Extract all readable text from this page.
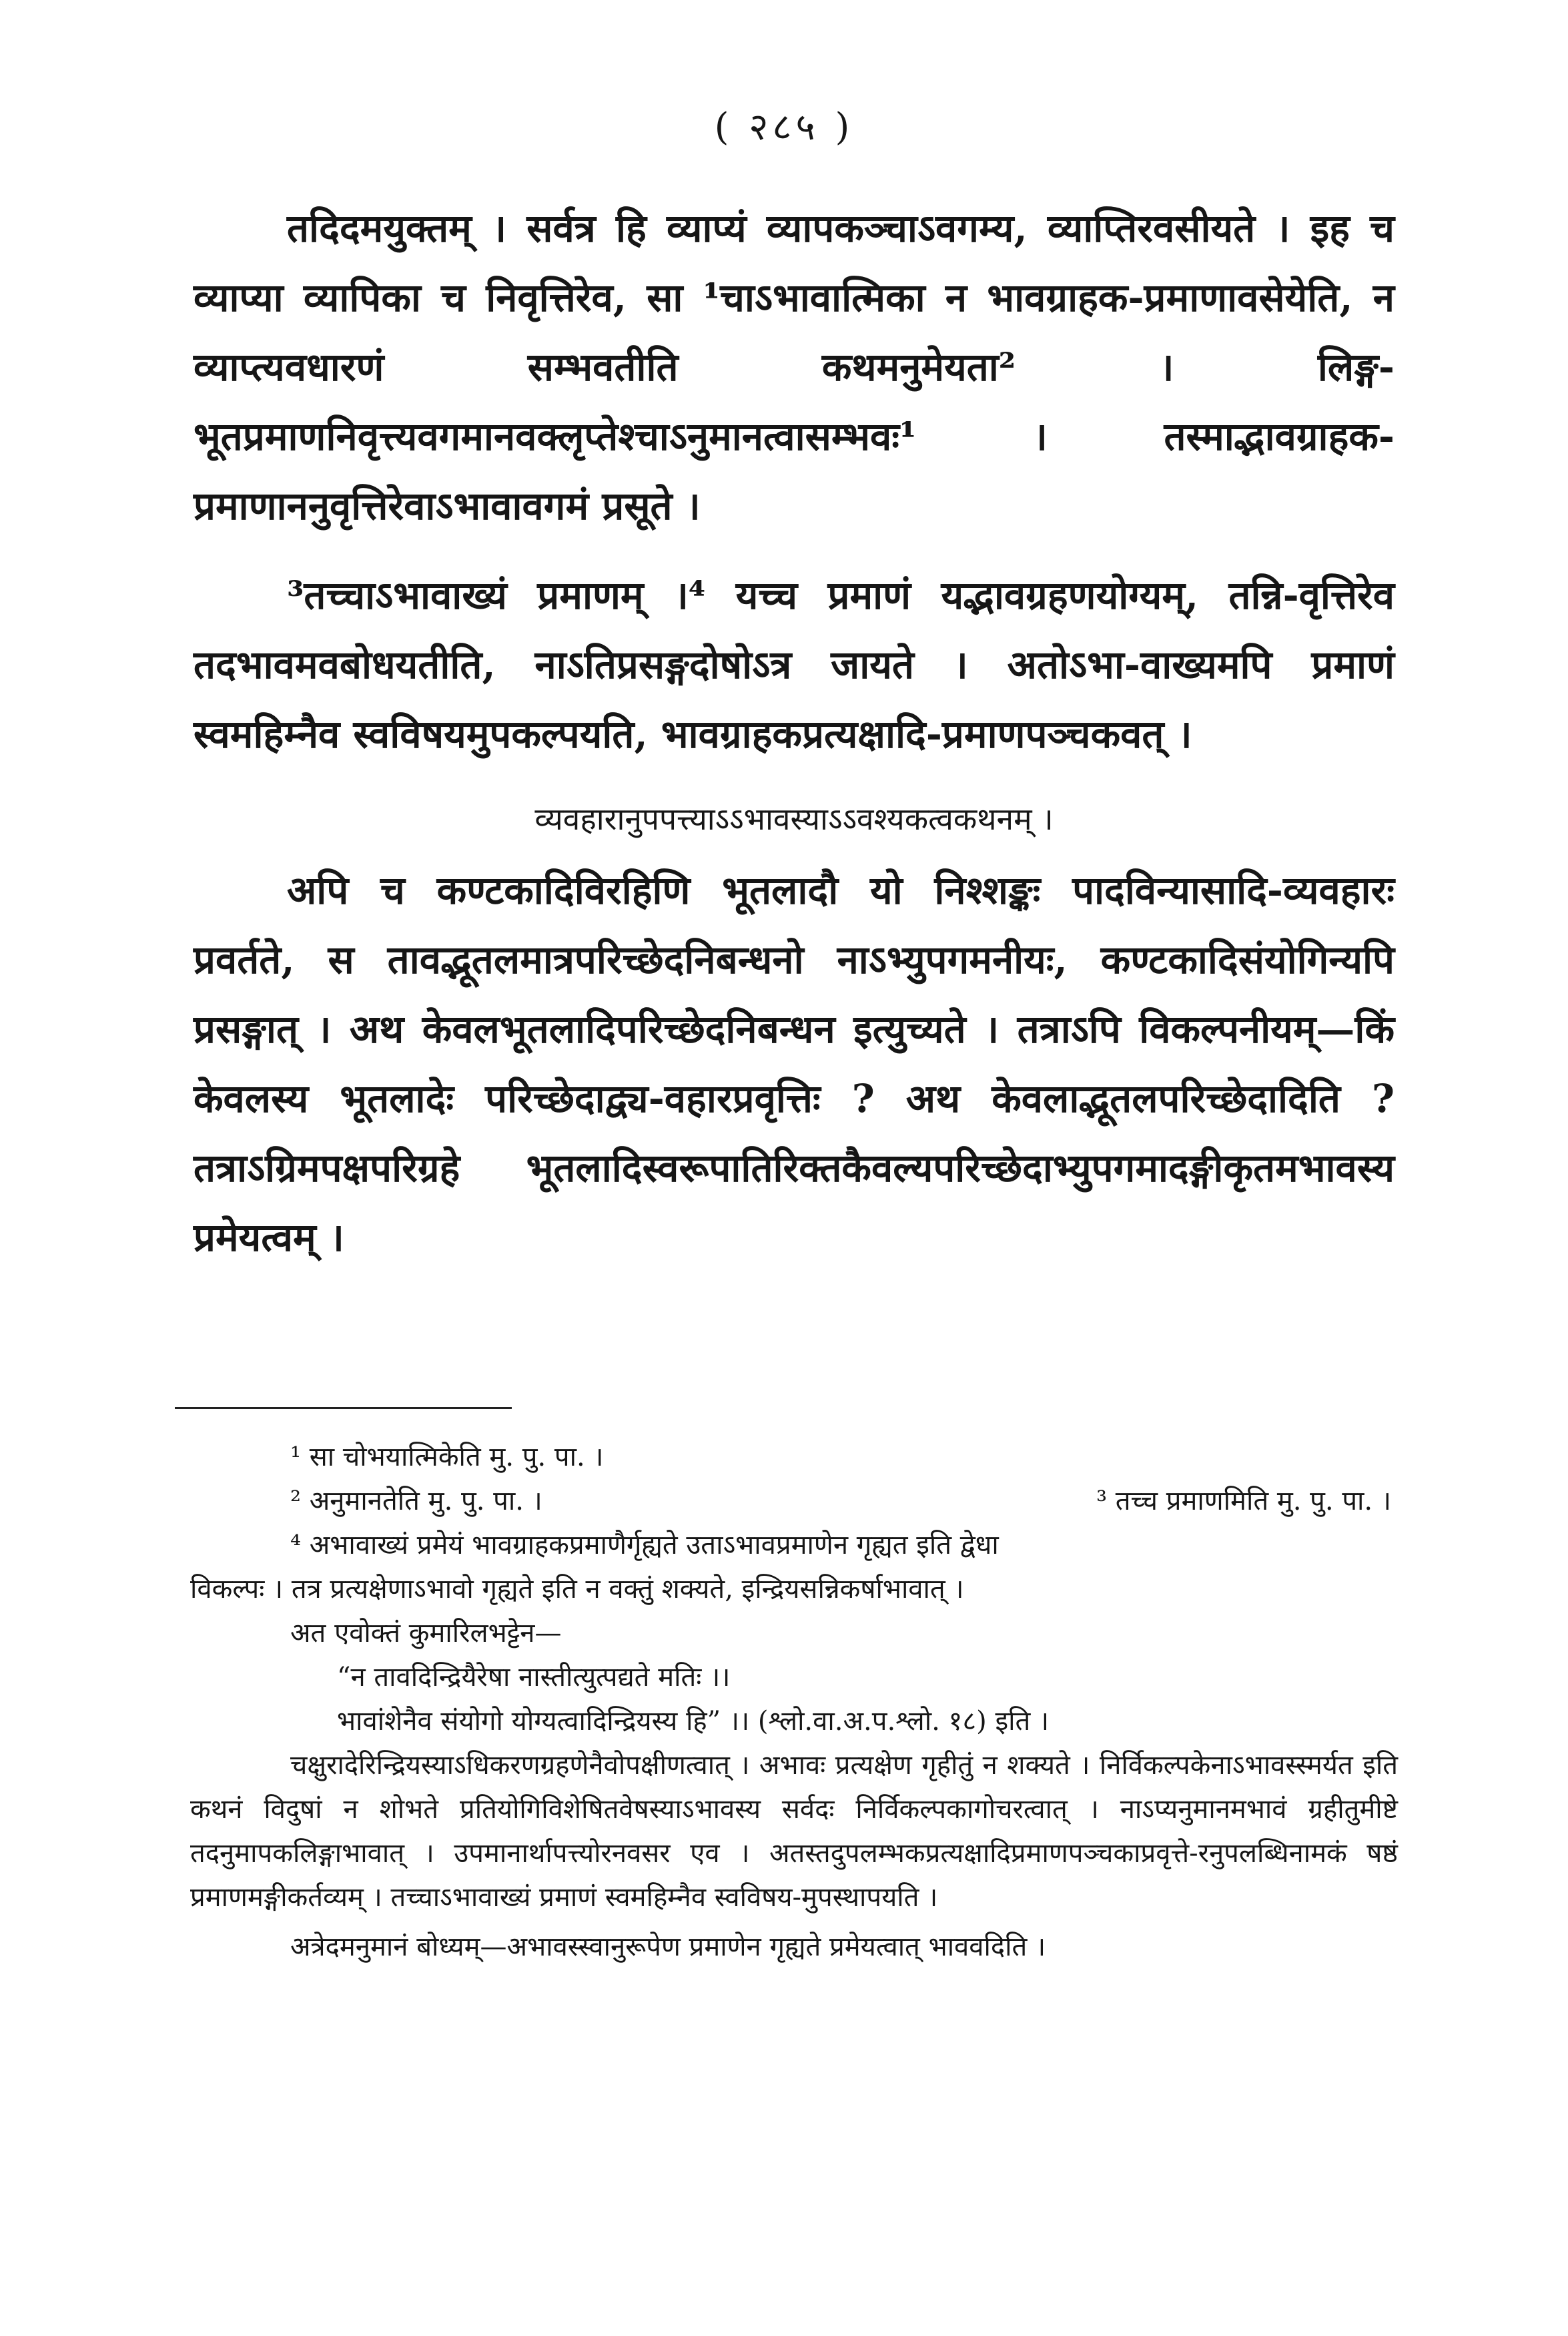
( २८५ )

तदिदमयुक्तम् । सर्वत्र हि व्याप्यं व्यापकञ्चाऽवगम्य, व्याप्तिरवसीयते । इह च व्याप्या व्यापिका च निवृत्तिरेव, सा ¹चाऽभावात्मिका न भावग्राहक-प्रमाणावसेयेति, न व्याप्त्यवधारणं सम्भवतीति कथमनुमेयता² । लिङ्ग-भूतप्रमाणनिवृत्त्यवगमानवक्लृप्तेश्चाऽनुमानत्वासम्भवः¹ । तस्माद्भावग्राहक-प्रमाणाननुवृत्तिरेवाऽभावावगमं प्रसूते ।

³तच्चाऽभावाख्यं प्रमाणम् ।⁴ यच्च प्रमाणं यद्भावग्रहणयोग्यम्, तन्नि-वृत्तिरेव तदभावमवबोधयतीति, नाऽतिप्रसङ्गदोषोऽत्र जायते । अतोऽभा-वाख्यमपि प्रमाणं स्वमहिम्नैव स्वविषयमुपकल्पयति, भावग्राहकप्रत्यक्षादि-प्रमाणपञ्चकवत् ।

व्यवहारानुपपत्त्याऽऽभावस्याऽऽवश्यकत्वकथनम् ।

अपि च कण्टकादिविरहिणि भूतलादौ यो निश्शङ्कः पादविन्यासादि-व्यवहारः प्रवर्तते, स तावद्भूतलमात्रपरिच्छेदनिबन्धनो नाऽभ्युपगमनीयः, कण्टकादिसंयोगिन्यपि प्रसङ्गात् । अथ केवलभूतलादिपरिच्छेदनिबन्धन इत्युच्यते । तत्राऽपि विकल्पनीयम्—किं केवलस्य भूतलादेः परिच्छेदाद्व्य-वहारप्रवृत्तिः ? अथ केवलाद्भूतलपरिच्छेदादिति ? तत्राऽग्रिमपक्षपरिग्रहे भूतलादिस्वरूपातिरिक्तकैवल्यपरिच्छेदाभ्युपगमादङ्गीकृतमभावस्य प्रमेयत्वम् ।

¹ सा चोभयात्मिकेति मु. पु. पा. ।

² अनुमानतेति मु. पु. पा. ।	³ तच्च प्रमाणमिति मु. पु. पा. ।

⁴ अभावाख्यं प्रमेयं भावग्राहकप्रमाणैर्गृह्यते उताऽभावप्रमाणेन गृह्यत इति द्वेधा

विकल्पः । तत्र प्रत्यक्षेणाऽभावो गृह्यते इति न वक्तुं शक्यते, इन्द्रियसन्निकर्षाभावात् ।

अत एवोक्तं कुमारिलभट्टेन—

“न तावदिन्द्रियैरेषा नास्तीत्युत्पद्यते मतिः ।।

भावांशेनैव संयोगो योग्यत्वादिन्द्रियस्य हि” ।। (श्लो.वा.अ.प.श्लो. १८) इति ।

चक्षुरादेरिन्द्रियस्याऽधिकरणग्रहणेनैवोपक्षीणत्वात् । अभावः प्रत्यक्षेण गृहीतुं न शक्यते । निर्विकल्पकेनाऽभावस्स्मर्यत इति कथनं विदुषां न शोभते प्रतियोगिविशेषितवेषस्याऽभावस्य सर्वदः निर्विकल्पकागोचरत्वात् । नाऽप्यनुमानमभावं ग्रहीतुमीष्टे तदनुमापकलिङ्गाभावात् । उपमानार्थापत्त्योरनवसर एव । अतस्तदुपलम्भकप्रत्यक्षादिप्रमाणपञ्चकाप्रवृत्ते-रनुपलब्धिनामकं षष्ठं प्रमाणमङ्गीकर्तव्यम् । तच्चाऽभावाख्यं प्रमाणं स्वमहिम्नैव स्वविषय-मुपस्थापयति ।

अत्रेदमनुमानं बोध्यम्—अभावस्स्वानुरूपेण प्रमाणेन गृह्यते प्रमेयत्वात् भाववदिति ।
